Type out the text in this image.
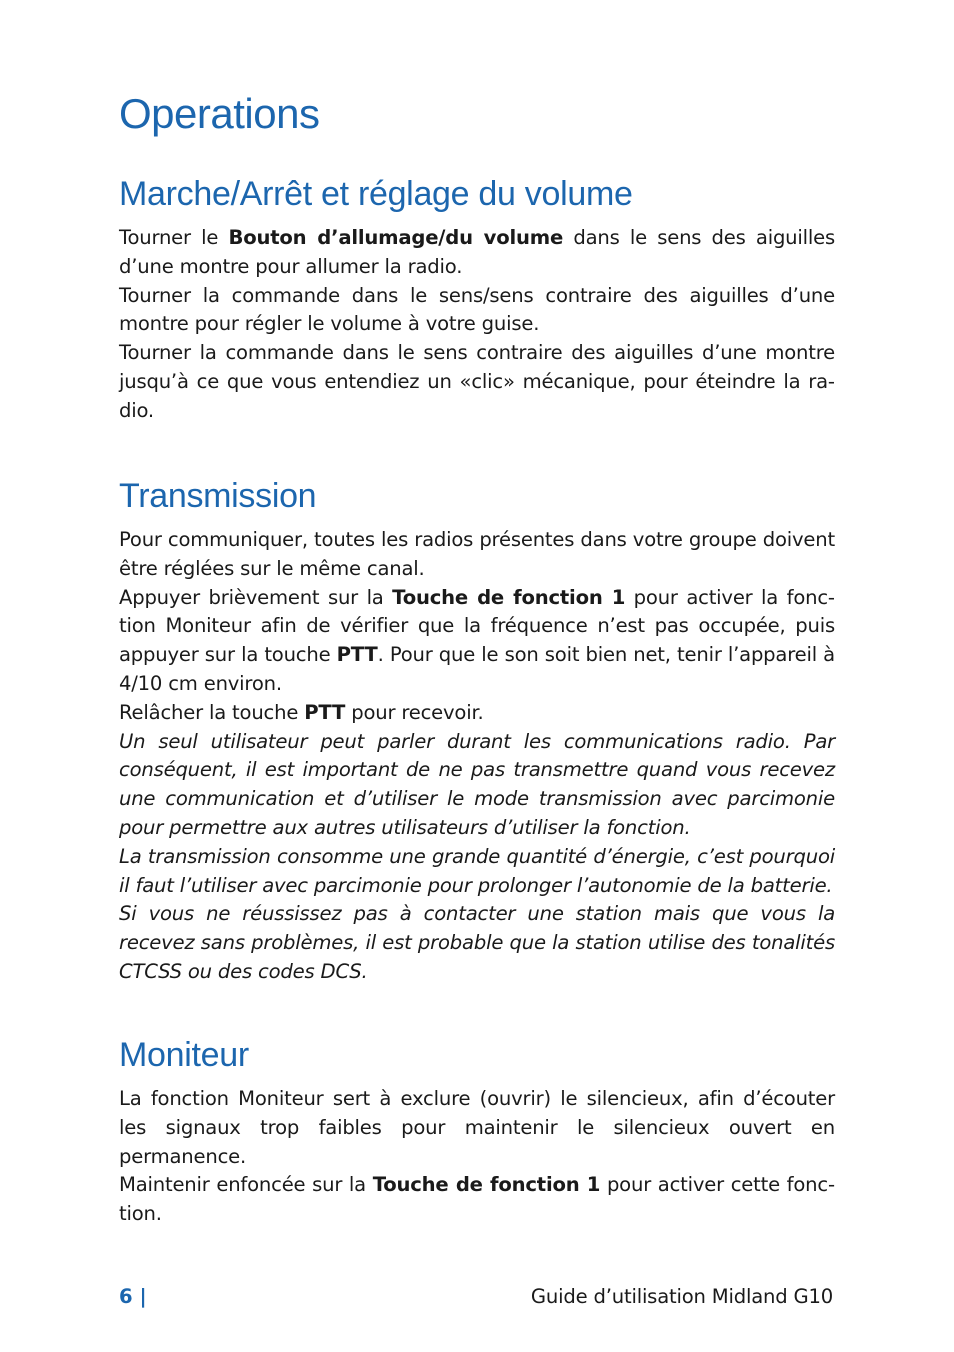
Operations
Marche/Arrêt et réglage du volume

Tourner le Bouton d’allumage/du volume dans le sens des aiguilles d’une montre pour allumer la radio.

Tourner la commande dans le sens/sens contraire des aiguilles d’une montre pour régler le volume à votre guise.

Tourner la commande dans le sens contraire des aiguilles d’une montre jusqu’à ce que vous entendiez un «clic» mécanique, pour éteindre la radio.

Transmission

Pour communiquer, toutes les radios présentes dans votre groupe doivent être réglées sur le même canal.

Appuyer brièvement sur la Touche de fonction 1 pour activer la fonction Moniteur afin de vérifier que la fréquence n’est pas occupée, puis appuyer sur la touche PTT. Pour que le son soit bien net, tenir l’appareil à 4/10 cm environ.

Relâcher la touche PTT pour recevoir.

Un seul utilisateur peut parler durant les communications radio. Par conséquent, il est important de ne pas transmettre quand vous recevez une communication et d’utiliser le mode transmission avec parcimonie pour permettre aux autres utilisateurs d’utiliser la fonction.

La transmission consomme une grande quantité d’énergie, c’est pourquoi il faut l’utiliser avec parcimonie pour prolonger l’autonomie de la batterie.

Si vous ne réussissez pas à contacter une station mais que vous la recevez sans problèmes, il est probable que la station utilise des tonalités CTCSS ou des codes DCS.

Moniteur

La fonction Moniteur sert à exclure (ouvrir) le silencieux, afin d’écouter les signaux trop faibles pour maintenir le silencieux ouvert en permanence.

Maintenir enfoncée sur la Touche de fonction 1 pour activer cette fonction.

6 |	Guide d’utilisation Midland G10
